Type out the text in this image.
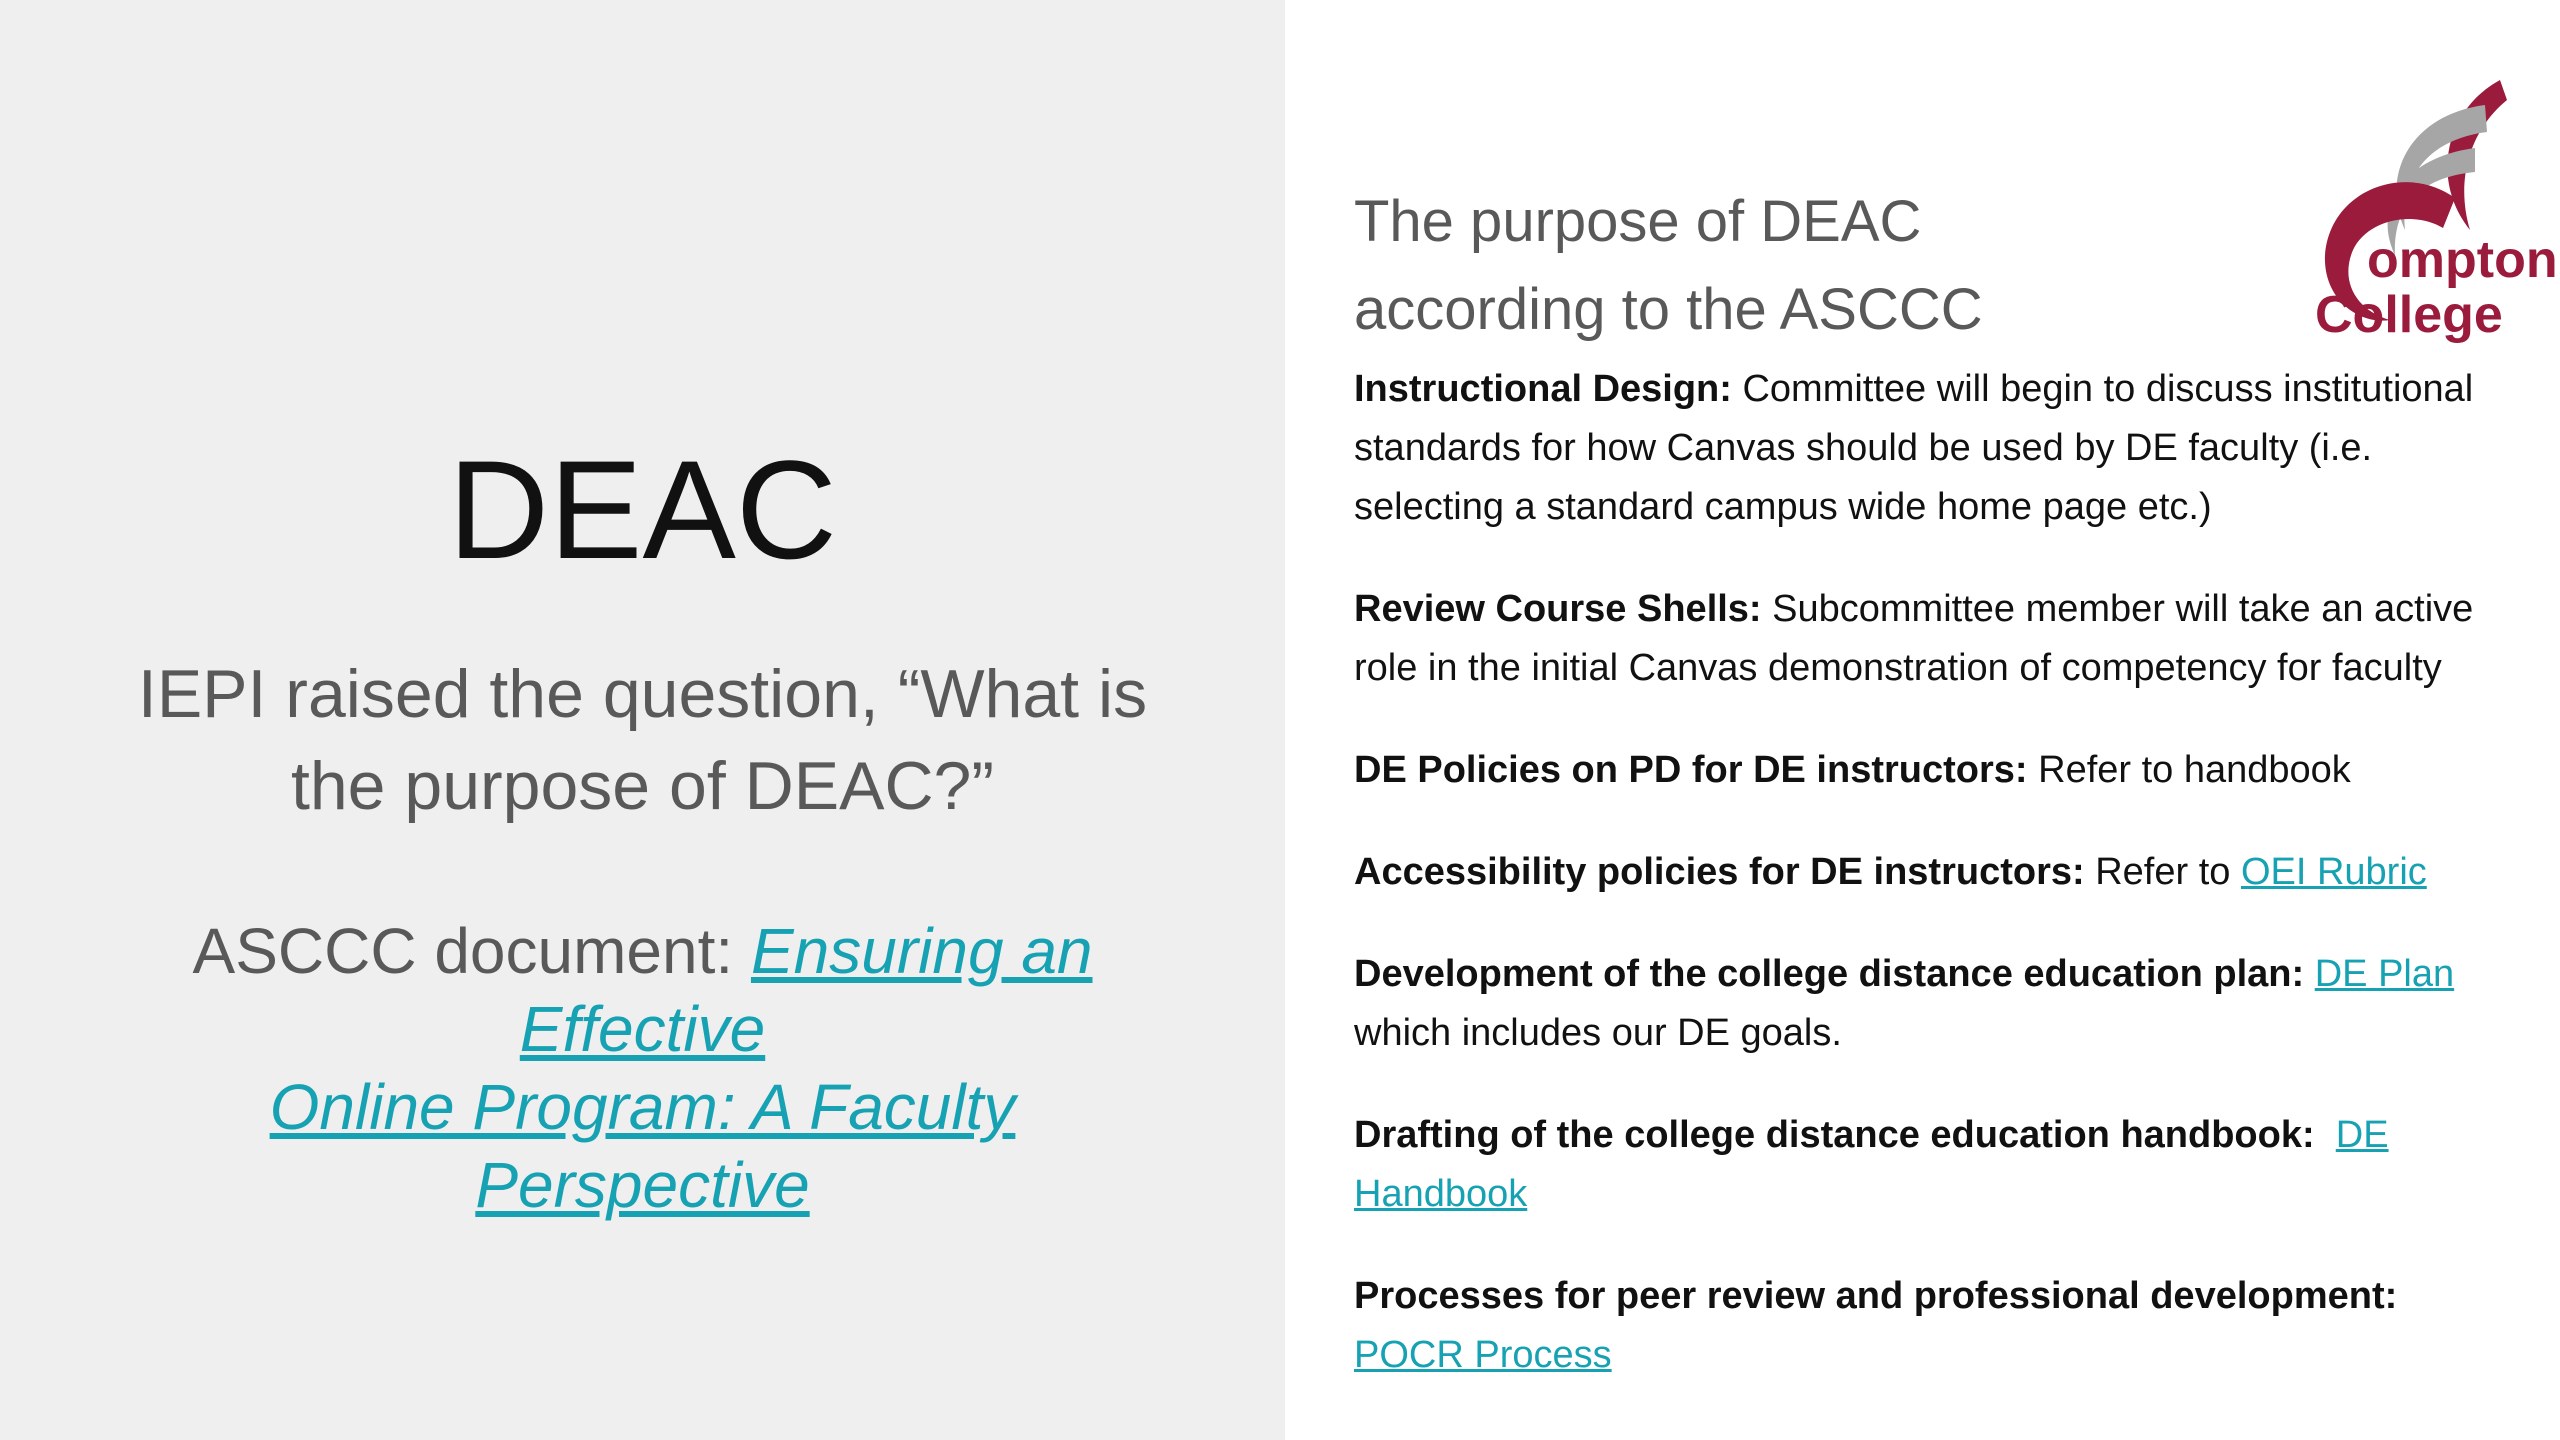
DEAC
IEPI raised the question, “What is
the purpose of DEAC?”
ASCCC document: Ensuring an Effective
Online Program: A Faculty Perspective
The purpose of DEAC
according to the ASCCC
ompton
College
Instructional Design: Committee will begin to discuss institutional standards for how Canvas should be used by DE faculty (i.e. selecting a standard campus wide home page etc.)
Review Course Shells: Subcommittee member will take an active role in the initial Canvas demonstration of competency for faculty
DE Policies on PD for DE instructors: Refer to handbook
Accessibility policies for DE instructors: Refer to OEI Rubric
Development of the college distance education plan: DE Plan
which includes our DE goals.
Drafting of the college distance education handbook: DE Handbook
Processes for peer review and professional development: POCR Process
